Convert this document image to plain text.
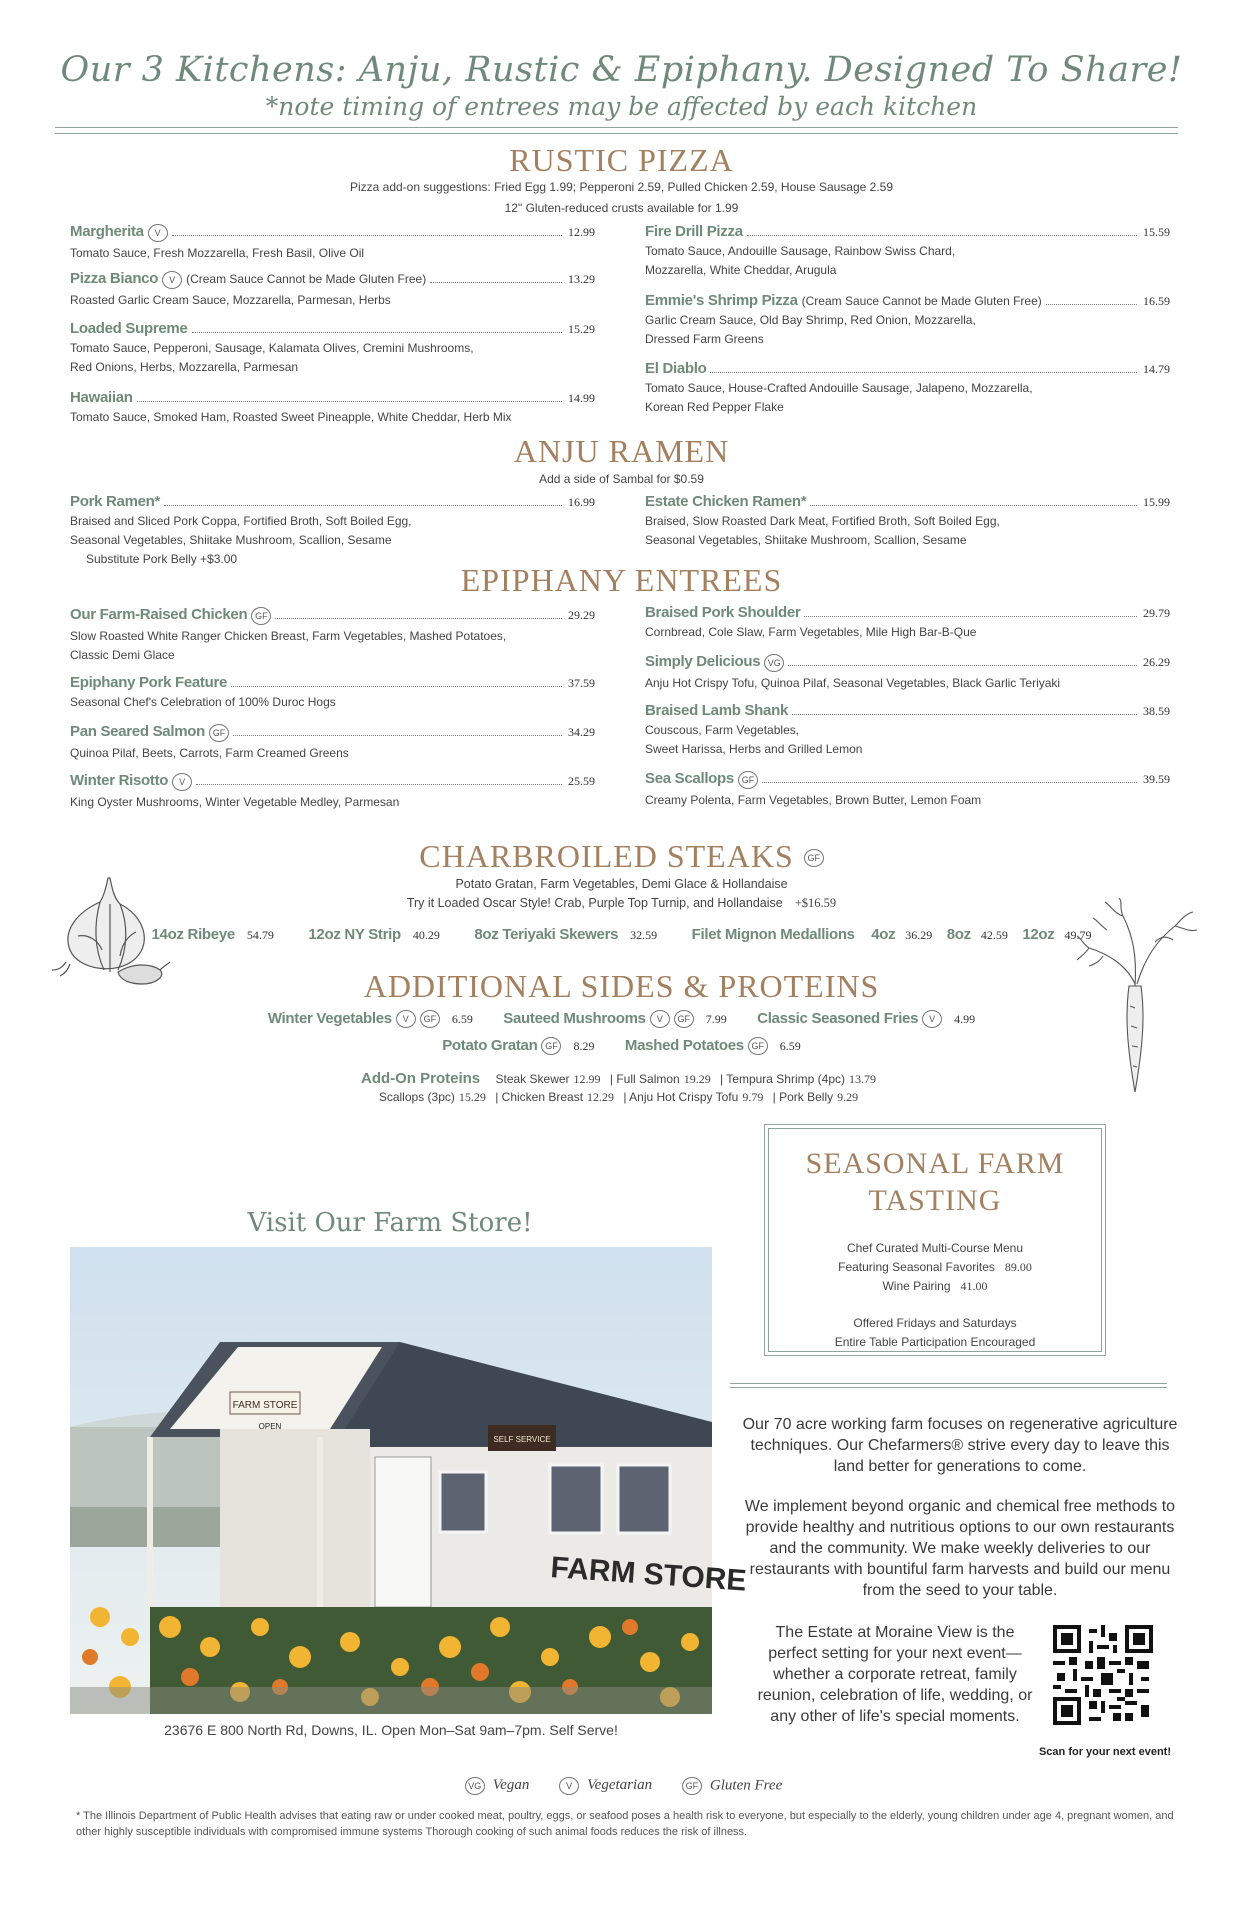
Our 3 Kitchens: Anju, Rustic & Epiphany. Designed To Share!
*note timing of entrees may be affected by each kitchen
RUSTIC PIZZA
Pizza add-on suggestions: Fried Egg 1.99; Pepperoni 2.59, Pulled Chicken 2.59, House Sausage 2.59
12" Gluten-reduced crusts available for 1.99
Margherita	V	12.99
Tomato Sauce, Fresh Mozzarella, Fresh Basil, Olive Oil
Pizza Bianco	V (Cream Sauce Cannot be Made Gluten Free)	13.29
Roasted Garlic Cream Sauce, Mozzarella, Parmesan, Herbs
Loaded Supreme	15.29
Tomato Sauce, Pepperoni, Sausage, Kalamata Olives, Cremini Mushrooms,
Red Onions, Herbs, Mozzarella, Parmesan
Hawaiian	14.99
Tomato Sauce, Smoked Ham, Roasted Sweet Pineapple, White Cheddar, Herb Mix
Fire Drill Pizza	15.59
Tomato Sauce, Andouille Sausage, Rainbow Swiss Chard,
Mozzarella, White Cheddar, Arugula
Emmie's Shrimp Pizza (Cream Sauce Cannot be Made Gluten Free)	16.59
Garlic Cream Sauce, Old Bay Shrimp, Red Onion, Mozzarella,
Dressed Farm Greens
El Diablo	14.79
Tomato Sauce, House-Crafted Andouille Sausage, Jalapeno, Mozzarella,
Korean Red Pepper Flake
ANJU RAMEN
Add a side of Sambal for $0.59
Pork Ramen*	16.99
Braised and Sliced Pork Coppa, Fortified Broth, Soft Boiled Egg,
Seasonal Vegetables, Shiitake Mushroom, Scallion, Sesame
Substitute Pork Belly +$3.00
Estate Chicken Ramen*	15.99
Braised, Slow Roasted Dark Meat, Fortified Broth, Soft Boiled Egg,
Seasonal Vegetables, Shiitake Mushroom, Scallion, Sesame
EPIPHANY ENTREES
Our Farm-Raised Chicken GF	29.29
Slow Roasted White Ranger Chicken Breast, Farm Vegetables, Mashed Potatoes,
Classic Demi Glace
Epiphany Pork Feature	37.59
Seasonal Chef's Celebration of 100% Duroc Hogs
Pan Seared Salmon GF	34.29
Quinoa Pilaf, Beets, Carrots, Farm Creamed Greens
Winter Risotto	V	25.59
King Oyster Mushrooms, Winter Vegetable Medley, Parmesan
Braised Pork Shoulder	29.79
Cornbread, Cole Slaw, Farm Vegetables, Mile High Bar-B-Que
Simply Delicious VG	26.29
Anju Hot Crispy Tofu, Quinoa Pilaf, Seasonal Vegetables, Black Garlic Teriyaki
Braised Lamb Shank	38.59
Couscous, Farm Vegetables,
Sweet Harissa, Herbs and Grilled Lemon
Sea Scallops GF	39.59
Creamy Polenta, Farm Vegetables, Brown Butter, Lemon Foam
CHARBROILED STEAKS GF
Potato Gratan, Farm Vegetables, Demi Glace & Hollandaise
Try it Loaded Oscar Style! Crab, Purple Top Turnip, and Hollandaise +$16.59
14oz Ribeye 54.79 12oz NY Strip 40.29 8oz Teriyaki Skewers 32.59 Filet Mignon Medallions 4oz 36.29 8oz 42.59 12oz 49.79
ADDITIONAL SIDES & PROTEINS
Winter Vegetables V GF 6.59 Sauteed Mushrooms V GF 7.99 Classic Seasoned Fries V 4.99
Potato Gratan GF 8.29 Mashed Potatoes GF 6.59
Add-On Proteins Steak Skewer 12.99 | Full Salmon 19.29 | Tempura Shrimp (4pc) 13.79
Scallops (3pc) 15.29 | Chicken Breast 12.29 | Anju Hot Crispy Tofu 9.79 | Pork Belly 9.29
SEASONAL FARM
TASTING
Chef Curated Multi-Course Menu
Featuring Seasonal Favorites 89.00
Wine Pairing 41.00
Offered Fridays and Saturdays
Entire Table Participation Encouraged
Visit Our Farm Store!
FARM STORE
SELF SERVICE
OPEN
FARM STORE
23676 E 800 North Rd, Downs, IL. Open Mon–Sat 9am–7pm. Self Serve!
Our 70 acre working farm focuses on regenerative agriculture techniques. Our Chefarmers® strive every day to leave this land better for generations to come.
We implement beyond organic and chemical free methods to provide healthy and nutritious options to our own restaurants and the community. We make weekly deliveries to our restaurants with bountiful farm harvests and build our menu from the seed to your table.
The Estate at Moraine View is the perfect setting for your next event—whether a corporate retreat, family reunion, celebration of life, wedding, or any other of life's special moments.
Scan for your next event!
VG Vegan	V Vegetarian	GF Gluten Free
* The Illinois Department of Public Health advises that eating raw or under cooked meat, poultry, eggs, or seafood poses a health risk to everyone, but especially to the elderly, young children under age 4, pregnant women, and other highly susceptible individuals with compromised immune systems Thorough cooking of such animal foods reduces the risk of illness.
